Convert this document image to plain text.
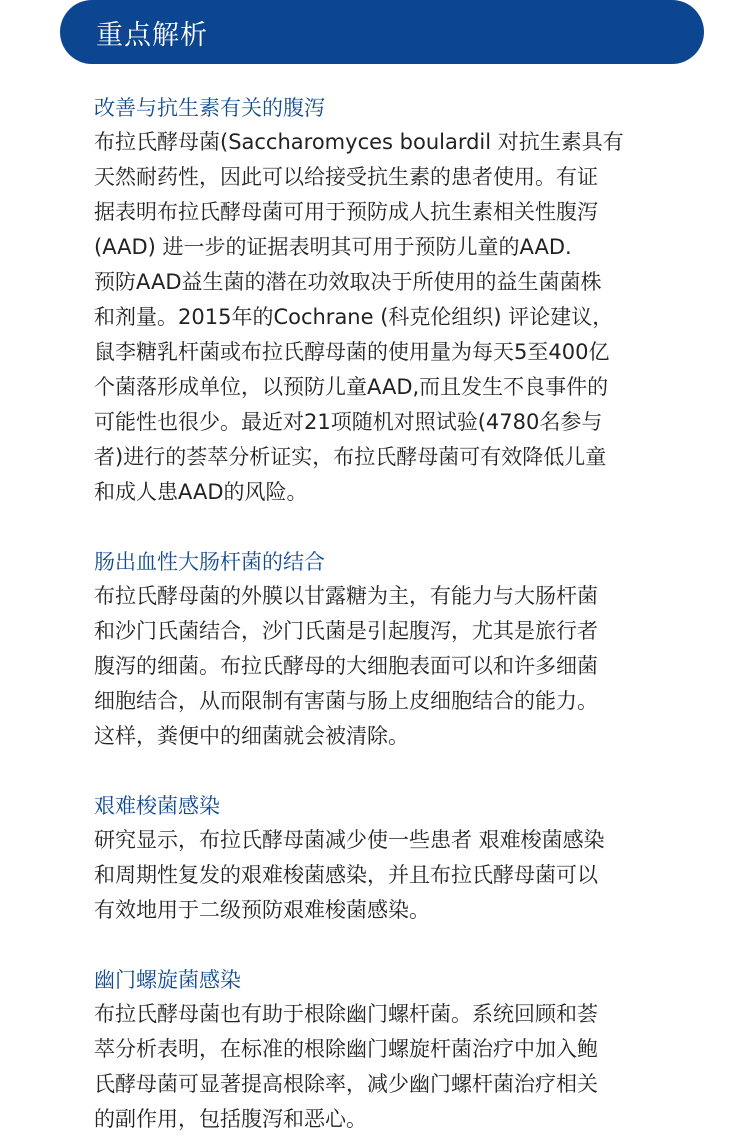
重点解析
改善与抗生素有关的腹泻

布拉氏酵母菌(Saccharomyces boulardil 对抗生素具有
天然耐药性，因此可以给接受抗生素的患者使用。有证
据表明布拉氏酵母菌可用于预防成人抗生素相关性腹泻
(AAD) 进一步的证据表明其可用于预防儿童的AAD.

预防AAD益生菌的潜在功效取决于所使用的益生菌菌株
和剂量。2015年的Cochrane (科克伦组织) 评论建议，
鼠李糖乳杆菌或布拉氏醇母菌的使用量为每天5至400亿
个菌落形成单位，以预防儿童AAD,而且发生不良事件的
可能性也很少。最近对21项随机对照试验(4780名参与
者)进行的荟萃分析证实，布拉氏酵母菌可有效降低儿童
和成人患AAD的风险。

肠出血性大肠杆菌的结合

布拉氏酵母菌的外膜以甘露糖为主，有能力与大肠杆菌
和沙门氏菌结合，沙门氏菌是引起腹泻，尤其是旅行者
腹泻的细菌。布拉氏酵母的大细胞表面可以和许多细菌
细胞结合，从而限制有害菌与肠上皮细胞结合的能力。
这样，粪便中的细菌就会被清除。

艰难梭菌感染

研究显示，布拉氏酵母菌减少使一些患者 艰难梭菌感染
和周期性复发的艰难梭菌感染，并且布拉氏酵母菌可以
有效地用于二级预防艰难梭菌感染。

幽门螺旋菌感染

布拉氏酵母菌也有助于根除幽门螺杆菌。系统回顾和荟
萃分析表明，在标准的根除幽门螺旋杆菌治疗中加入鲍
氏酵母菌可显著提高根除率，减少幽门螺杆菌治疗相关
的副作用，包括腹泻和恶心。
